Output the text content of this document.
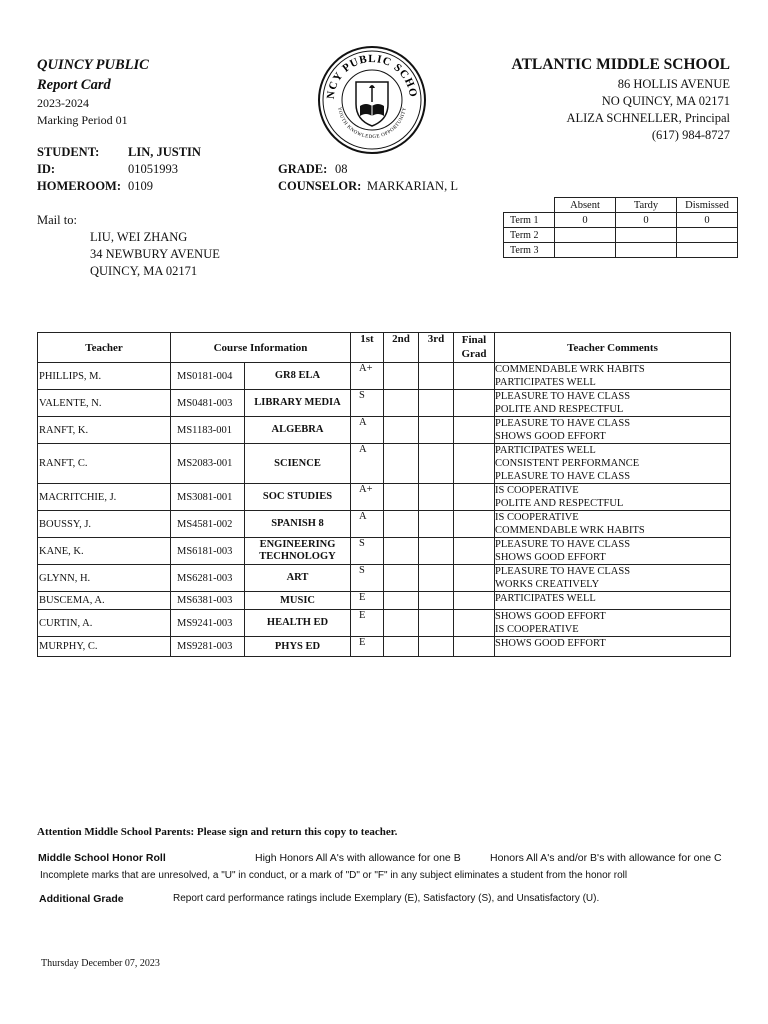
QUINCY PUBLIC
Report Card
2023-2024
Marking Period 01
NCY PUBLIC SCHO
YOUTH KNOWLEDGE OPPORTUNITY
ATLANTIC MIDDLE SCHOOL
86 HOLLIS AVENUE
NO QUINCY, MA 02171
ALIZA SCHNELLER, Principal
(617) 984-8727
STUDENT: LIN, JUSTIN
ID:	01051993
HOMEROOM: 0109
GRADE: 08
COUNSELOR: MARKARIAN, L
Mail to:
LIU, WEI ZHANG
34 NEWBURY AVENUE
QUINCY, MA 02171
	Absent	Tardy	Dismissed
Term 1	0	0	0
Term 2			
Term 3			
Teacher	Course Information		1st	2nd	3rd	Final Grad	Teacher Comments
PHILLIPS, M.	MS0181-004	GR8 ELA	A+				COMMENDABLE WRK HABITS
PARTICIPATES WELL

VALENTE, N.	MS0481-003	LIBRARY MEDIA	S				PLEASURE TO HAVE CLASS
POLITE AND RESPECTFUL

RANFT, K.	MS1183-001	ALGEBRA	A				PLEASURE TO HAVE CLASS
SHOWS GOOD EFFORT

RANFT, C.	MS2083-001	SCIENCE	A				PARTICIPATES WELL
CONSISTENT PERFORMANCE
PLEASURE TO HAVE CLASS

MACRITCHIE, J.	MS3081-001	SOC STUDIES	A+				IS COOPERATIVE
POLITE AND RESPECTFUL

BOUSSY, J.	MS4581-002	SPANISH 8	A				IS COOPERATIVE
COMMENDABLE WRK HABITS

KANE, K.	MS6181-003	ENGINEERING TECHNOLOGY	S				PLEASURE TO HAVE CLASS
SHOWS GOOD EFFORT

GLYNN, H.	MS6281-003	ART	S				PLEASURE TO HAVE CLASS
WORKS CREATIVELY

BUSCEMA, A.	MS6381-003	MUSIC	E				PARTICIPATES WELL

CURTIN, A.	MS9241-003	HEALTH ED	E				SHOWS GOOD EFFORT
IS COOPERATIVE

MURPHY, C.	MS9281-003	PHYS ED	E				SHOWS GOOD EFFORT
Attention Middle School Parents: Please sign and return this copy to teacher.
Middle School Honor Roll	High Honors All A's with allowance for one B	Honors All A's and/or B's with allowance for one C
Incomplete marks that are unresolved, a "U" in conduct, or a mark of "D" or "F" in any subject eliminates a student from the honor roll
Additional Grade	Report card performance ratings include Exemplary (E), Satisfactory (S), and Unsatisfactory (U).
Thursday December 07, 2023
